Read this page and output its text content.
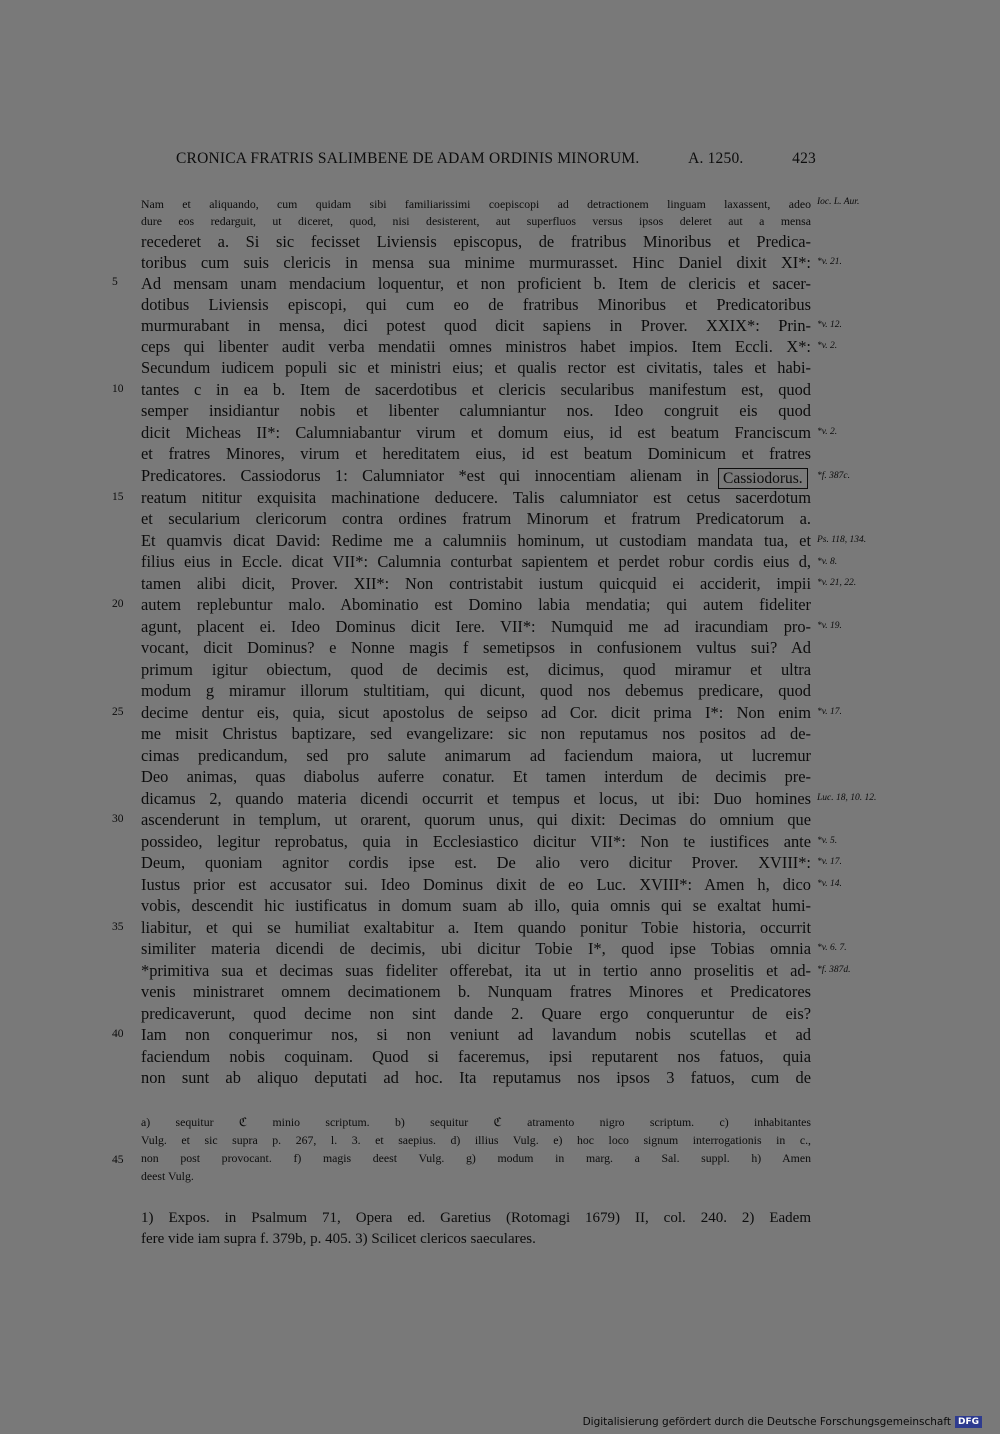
CRONICA FRATRIS SALIMBENE DE ADAM ORDINIS MINORUM.	A. 1250.	423
Nam et aliquando, cum quidam sibi familiarissimi coepiscopi ad detractionem linguam laxassent, adeo
dure eos redarguit, ut diceret, quod, nisi desisterent, aut superfluos versus ipsos deleret aut a mensa
recederet a. Si sic fecisset Liviensis episcopus, de fratribus Minoribus et Predica-
toribus cum suis clericis in mensa sua minime murmurasset. Hinc Daniel dixit XI*:
Ad mensam unam mendacium loquentur, et non proficient b. Item de clericis et sacer-
dotibus Liviensis episcopi, qui cum eo de fratribus Minoribus et Predicatoribus
murmurabant in mensa, dici potest quod dicit sapiens in Prover. XXIX*: Prin-
ceps qui libenter audit verba mendatii omnes ministros habet impios. Item Eccli. X*:
Secundum iudicem populi sic et ministri eius; et qualis rector est civitatis, tales et habi-
tantes c in ea b. Item de sacerdotibus et clericis secularibus manifestum est, quod
semper insidiantur nobis et libenter calumniantur nos. Ideo congruit eis quod
dicit Micheas II*: Calumniabantur virum et domum eius, id est beatum Franciscum
et fratres Minores, virum et hereditatem eius, id est beatum Dominicum et fratres
Predicatores. Cassiodorus 1: Calumniator *est qui innocentiam alienam in
reatum nititur exquisita machinatione deducere. Talis calumniator est cetus sacerdotum
et secularium clericorum contra ordines fratrum Minorum et fratrum Predicatorum a.
Et quamvis dicat David: Redime me a calumniis hominum, ut custodiam mandata tua, et
filius eius in Eccle. dicat VII*: Calumnia conturbat sapientem et perdet robur cordis eius d,
tamen alibi dicit, Prover. XII*: Non contristabit iustum quicquid ei acciderit, impii
autem replebuntur malo. Abominatio est Domino labia mendatia; qui autem fideliter
agunt, placent ei. Ideo Dominus dicit Iere. VII*: Numquid me ad iracundiam pro-
vocant, dicit Dominus? e Nonne magis f semetipsos in confusionem vultus sui? Ad
primum igitur obiectum, quod de decimis est, dicimus, quod miramur et ultra
modum g miramur illorum stultitiam, qui dicunt, quod nos debemus predicare, quod
decime dentur eis, quia, sicut apostolus de seipso ad Cor. dicit prima I*: Non enim
me misit Christus baptizare, sed evangelizare: sic non reputamus nos positos ad de-
cimas predicandum, sed pro salute animarum ad faciendum maiora, ut lucremur
Deo animas, quas diabolus auferre conatur. Et tamen interdum de decimis pre-
dicamus 2, quando materia dicendi occurrit et tempus et locus, ut ibi: Duo homines
ascenderunt in templum, ut orarent, quorum unus, qui dixit: Decimas do omnium que
possideo, legitur reprobatus, quia in Ecclesiastico dicitur VII*: Non te iustifices ante
Deum, quoniam agnitor cordis ipse est. De alio vero dicitur Prover. XVIII*:
Iustus prior est accusator sui. Ideo Dominus dixit de eo Luc. XVIII*: Amen h, dico
vobis, descendit hic iustificatus in domum suam ab illo, quia omnis qui se exaltat humi-
liabitur, et qui se humiliat exaltabitur a. Item quando ponitur Tobie historia, occurrit
similiter materia dicendi de decimis, ubi dicitur Tobie I*, quod ipse Tobias omnia
*primitiva sua et decimas suas fideliter offerebat, ita ut in tertio anno proselitis et ad-
venis ministraret omnem decimationem b. Nunquam fratres Minores et Predicatores
predicaverunt, quod decime non sint dande 2. Quare ergo conqueruntur de eis?
Iam non conquerimur nos, si non veniunt ad lavandum nobis scutellas et ad
faciendum nobis coquinam. Quod si faceremus, ipsi reputarent nos fatuos, quia
non sunt ab aliquo deputati ad hoc. Ita reputamus nos ipsos 3 fatuos, cum de
Cassiodorus.
5
10
15
20
25
30
35
40
45
Ioc. L. Aur.
*v. 21.
*v. 12.
*v. 2.
*v. 2.
*f. 387c.
Ps. 118, 134.
*v. 8.
*v. 21, 22.
*v. 19.
*v. 17.
Luc. 18, 10. 12.
*v. 5.
*v. 17.
*v. 14.
*v. 6. 7.
*f. 387d.
a) sequitur ℭ minio scriptum. b) sequitur ℭ atramento nigro scriptum. c) inhabitantes
Vulg. et sic supra p. 267, l. 3. et saepius. d) illius Vulg. e) hoc loco signum interrogationis in c.,
non post provocant. f) magis deest Vulg. g) modum in marg. a Sal. suppl. h) Amen
deest Vulg.
1) Expos. in Psalmum 71, Opera ed. Garetius (Rotomagi 1679) II, col. 240. 2) Eadem
fere vide iam supra f. 379b, p. 405. 3) Scilicet clericos saeculares.
Digitalisierung gefördert durch die Deutsche Forschungsgemeinschaft DFG
